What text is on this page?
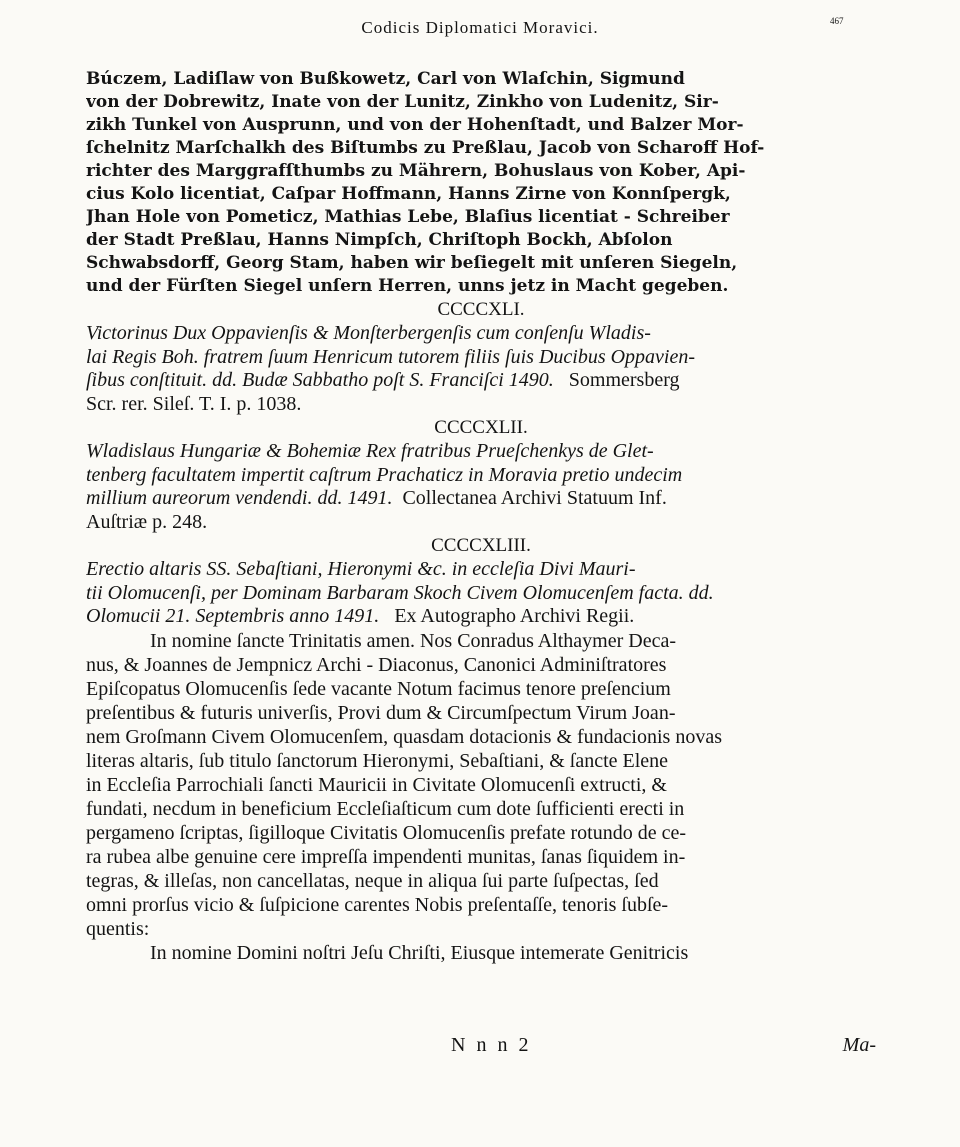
Codicis Diplomatici Moravici.	467
Búczem, Ladiſlaw von Bußkowetz, Carl von Wlaſchin, Sigmund
von der Dobrewitz, Inate von der Lunitz, Zinkho von Ludenitz, Sir-
zikh Tunkel von Ausprunn, und von der Hohenſtadt, und Balzer Mor-
ſchelnitz Marſchalkh des Biſtumbs zu Preßlau, Jacob von Scharoff Hof-
richter des Marggrafſthumbs zu Mährern, Bohuslaus von Kober, Api-
cius Kolo licentiat, Caſpar Hoffmann, Hanns Zirne von Konnſpergk,
Jhan Hole von Pometicz, Mathias Lebe, Blaſius licentiat - Schreiber
der Stadt Preßlau, Hanns Nimpſch, Chriſtoph Bockh, Abſolon
Schwabsdorff, Georg Stam, haben wir beſiegelt mit unſeren Siegeln,
und der Fürſten Siegel unſern Herren, unns jetz in Macht gegeben.

CCCCXLI.

Victorinus Dux Oppavienſis & Monſterbergenſis cum conſenſu Wladis-
lai Regis Boh. fratrem ſuum Henricum tutorem filiis ſuis Ducibus Oppavien-
ſibus conſtituit. dd. Budæ Sabbatho poſt S. Franciſci 1490. Sommersberg
Scr. rer. Sileſ. T. I. p. 1038.

CCCCXLII.

Wladislaus Hungariæ & Bohemiæ Rex fratribus Prueſchenkys de Glet-
tenberg facultatem impertit caſtrum Prachaticz in Moravia pretio undecim
millium aureorum vendendi. dd. 1491. Collectanea Archivi Statuum Inf.
Auſtriæ p. 248.

CCCCXLIII.

Erectio altaris SS. Sebaſtiani, Hieronymi &c. in eccleſia Divi Mauri-
tii Olomucenſi, per Dominam Barbaram Skoch Civem Olomucenſem facta. dd.
Olomucii 21. Septembris anno 1491. Ex Autographo Archivi Regii.
In nomine ſancte Trinitatis amen. Nos Conradus Althaymer Deca-
nus, & Joannes de Jempnicz Archi - Diaconus, Canonici Adminiſtratores
Epiſcopatus Olomucenſis ſede vacante Notum facimus tenore preſencium
preſentibus & futuris univerſis, Provi dum & Circumſpectum Virum Joan-
nem Groſmann Civem Olomucenſem, quasdam dotacionis & fundacionis novas
literas altaris, ſub titulo ſanctorum Hieronymi, Sebaſtiani, & ſancte Elene
in Eccleſia Parrochiali ſancti Mauricii in Civitate Olomucenſi extructi, &
fundati, necdum in beneficium Eccleſiaſticum cum dote ſufficienti erecti in
pergameno ſcriptas, ſigilloque Civitatis Olomucenſis prefate rotundo de ce-
ra rubea albe genuine cere impreſſa impendenti munitas, ſanas ſiquidem in-
tegras, & illeſas, non cancellatas, neque in aliqua ſui parte ſuſpectas, ſed
omni prorſus vicio & ſuſpicione carentes Nobis preſentaſſe, tenoris ſubſe-
quentis:
In nomine Domini noſtri Jeſu Chriſti, Eiusque intemerate Genitricis
N n n 2	Ma-
